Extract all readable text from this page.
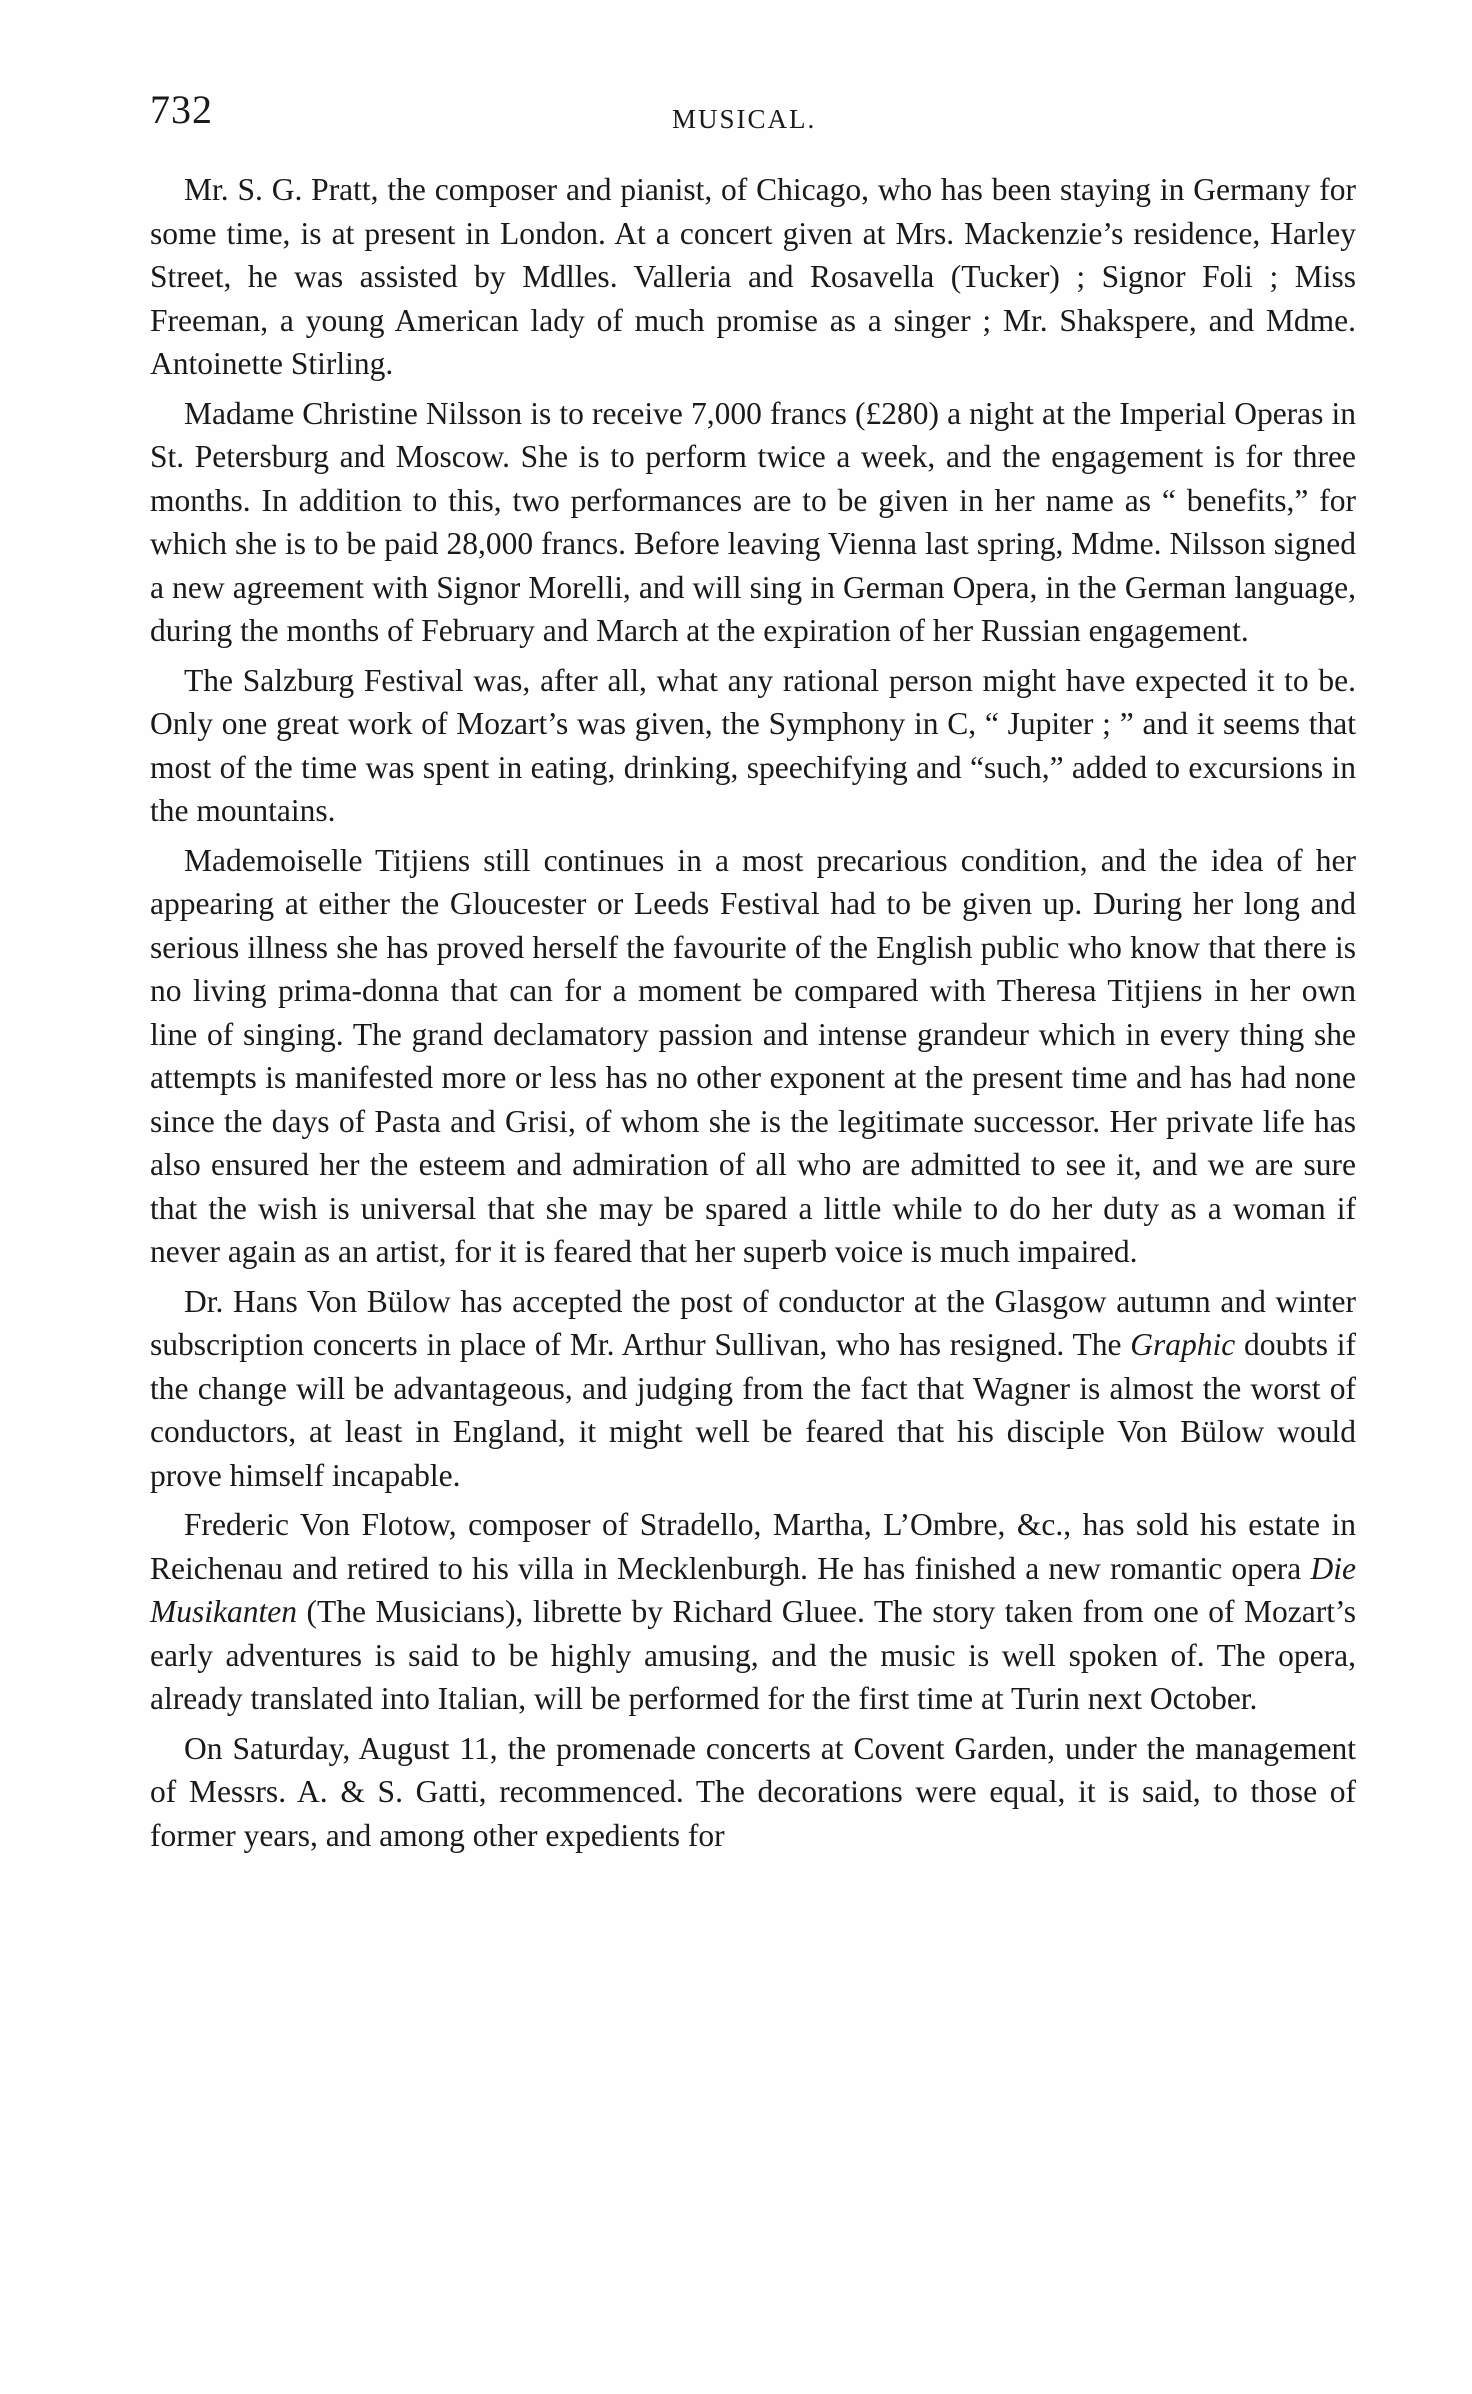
732	MUSICAL.

Mr. S. G. Pratt, the composer and pianist, of Chicago, who has been staying in Germany for some time, is at present in London. At a concert given at Mrs. Mackenzie’s residence, Harley Street, he was assisted by Mdlles. Valleria and Rosavella (Tucker) ; Signor Foli ; Miss Freeman, a young American lady of much promise as a singer ; Mr. Shakspere, and Mdme. Antoinette Stirling.

Madame Christine Nilsson is to receive 7,000 francs (£280) a night at the Imperial Operas in St. Petersburg and Moscow. She is to perform twice a week, and the engagement is for three months. In addition to this, two performances are to be given in her name as “ benefits,” for which she is to be paid 28,000 francs. Before leaving Vienna last spring, Mdme. Nilsson signed a new agreement with Signor Morelli, and will sing in German Opera, in the German language, during the months of February and March at the expiration of her Russian engagement.

The Salzburg Festival was, after all, what any rational person might have expected it to be. Only one great work of Mozart’s was given, the Symphony in C, “ Jupiter ; ” and it seems that most of the time was spent in eating, drinking, speechifying and “such,” added to excursions in the mountains.

Mademoiselle Titjiens still continues in a most precarious condition, and the idea of her appearing at either the Gloucester or Leeds Festival had to be given up. During her long and serious illness she has proved herself the favourite of the English public who know that there is no living prima-donna that can for a moment be compared with Theresa Titjiens in her own line of singing. The grand declamatory passion and intense grandeur which in every thing she attempts is manifested more or less has no other exponent at the present time and has had none since the days of Pasta and Grisi, of whom she is the legitimate successor. Her private life has also ensured her the esteem and admiration of all who are admitted to see it, and we are sure that the wish is universal that she may be spared a little while to do her duty as a woman if never again as an artist, for it is feared that her superb voice is much impaired.

Dr. Hans Von Bülow has accepted the post of conductor at the Glasgow autumn and winter subscription concerts in place of Mr. Arthur Sullivan, who has resigned. The Graphic doubts if the change will be advantageous, and judging from the fact that Wagner is almost the worst of conductors, at least in England, it might well be feared that his disciple Von Bülow would prove himself incapable.

Frederic Von Flotow, composer of Stradello, Martha, L’Ombre, &c., has sold his estate in Reichenau and retired to his villa in Mecklenburgh. He has finished a new romantic opera Die Musikanten (The Musicians), librette by Richard Gluee. The story taken from one of Mozart’s early adventures is said to be highly amusing, and the music is well spoken of. The opera, already translated into Italian, will be performed for the first time at Turin next October.

On Saturday, August 11, the promenade concerts at Covent Garden, under the management of Messrs. A. & S. Gatti, recommenced. The decorations were equal, it is said, to those of former years, and among other expedients for
